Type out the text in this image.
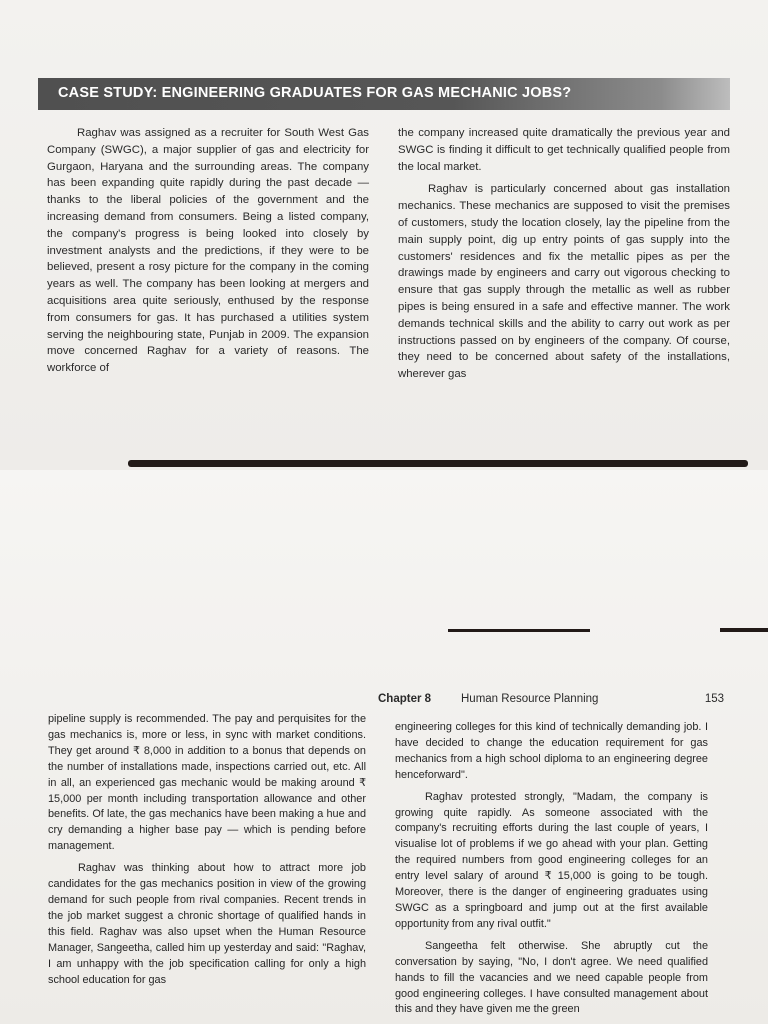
CASE STUDY: ENGINEERING GRADUATES FOR GAS MECHANIC JOBS?

Raghav was assigned as a recruiter for South West Gas Company (SWGC), a major supplier of gas and electricity for Gurgaon, Haryana and the surrounding areas. The company has been expanding quite rapidly during the past decade — thanks to the liberal policies of the government and the increasing demand from consumers. Being a listed company, the company's progress is being looked into closely by investment analysts and the predictions, if they were to be believed, present a rosy picture for the company in the coming years as well. The company has been looking at mergers and acquisitions area quite seriously, enthused by the response from consumers for gas. It has purchased a utilities system serving the neighbouring state, Punjab in 2009. The expansion move concerned Raghav for a variety of reasons. The workforce of

the company increased quite dramatically the previous year and SWGC is finding it difficult to get technically qualified people from the local market.

Raghav is particularly concerned about gas installation mechanics. These mechanics are supposed to visit the premises of customers, study the location closely, lay the pipeline from the main supply point, dig up entry points of gas supply into the customers' residences and fix the metallic pipes as per the drawings made by engineers and carry out vigorous checking to ensure that gas supply through the metallic as well as rubber pipes is being ensured in a safe and effective manner. The work demands technical skills and the ability to carry out work as per instructions passed on by engineers of the company. Of course, they need to be concerned about safety of the installations, wherever gas

Chapter 8	Human Resource Planning	153

pipeline supply is recommended. The pay and perquisites for the gas mechanics is, more or less, in sync with market conditions. They get around ₹ 8,000 in addition to a bonus that depends on the number of installations made, inspections carried out, etc. All in all, an experienced gas mechanic would be making around ₹ 15,000 per month including transportation allowance and other benefits. Of late, the gas mechanics have been making a hue and cry demanding a higher base pay — which is pending before management.

Raghav was thinking about how to attract more job candidates for the gas mechanics position in view of the growing demand for such people from rival companies. Recent trends in the job market suggest a chronic shortage of qualified hands in this field. Raghav was also upset when the Human Resource Manager, Sangeetha, called him up yesterday and said: "Raghav, I am unhappy with the job specification calling for only a high school education for gas

engineering colleges for this kind of technically demanding job. I have decided to change the education requirement for gas mechanics from a high school diploma to an engineering degree henceforward".

Raghav protested strongly, "Madam, the company is growing quite rapidly. As someone associated with the company's recruiting efforts during the last couple of years, I visualise lot of problems if we go ahead with your plan. Getting the required numbers from good engineering colleges for an entry level salary of around ₹ 15,000 is going to be tough. Moreover, there is the danger of engineering graduates using SWGC as a springboard and jump out at the first available opportunity from any rival outfit."

Sangeetha felt otherwise. She abruptly cut the conversation by saying, "No, I don't agree. We need qualified hands to fill the vacancies and we need capable people from good engineering colleges. I have consulted management about this and they have given me the green
